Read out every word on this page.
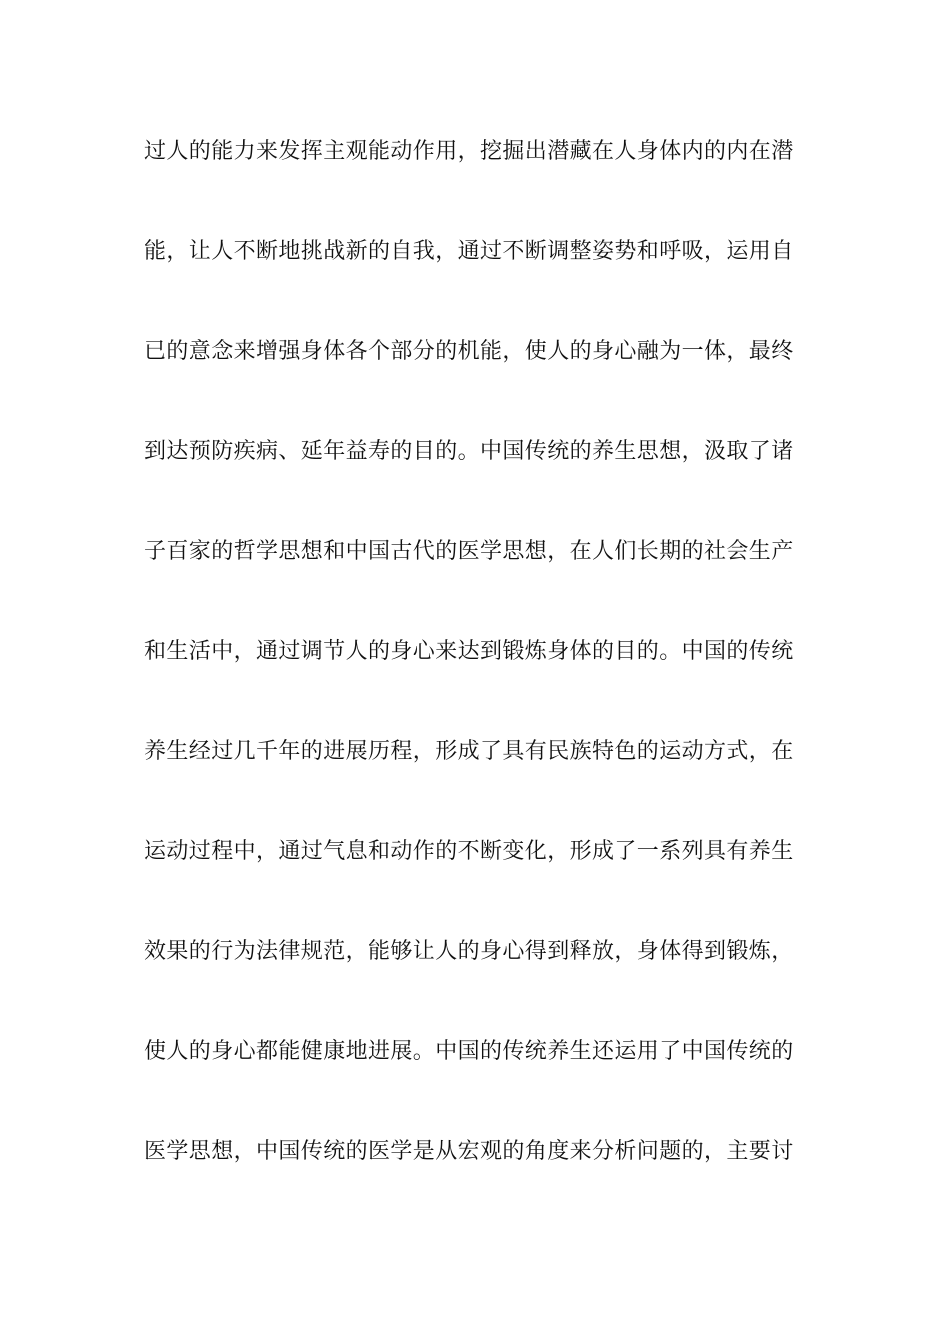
过人的能力来发挥主观能动作用，挖掘出潜藏在人身体内的内在潜
能，让人不断地挑战新的自我，通过不断调整姿势和呼吸，运用自
已的意念来增强身体各个部分的机能，使人的身心融为一体，最终
到达预防疾病、延年益寿的目的。中国传统的养生思想，汲取了诸
子百家的哲学思想和中国古代的医学思想，在人们长期的社会生产
和生活中，通过调节人的身心来达到锻炼身体的目的。中国的传统
养生经过几千年的进展历程，形成了具有民族特色的运动方式，在
运动过程中，通过气息和动作的不断变化，形成了一系列具有养生
效果的行为法律规范，能够让人的身心得到释放，身体得到锻炼，
使人的身心都能健康地进展。中国的传统养生还运用了中国传统的
医学思想，中国传统的医学是从宏观的角度来分析问题的，主要讨
